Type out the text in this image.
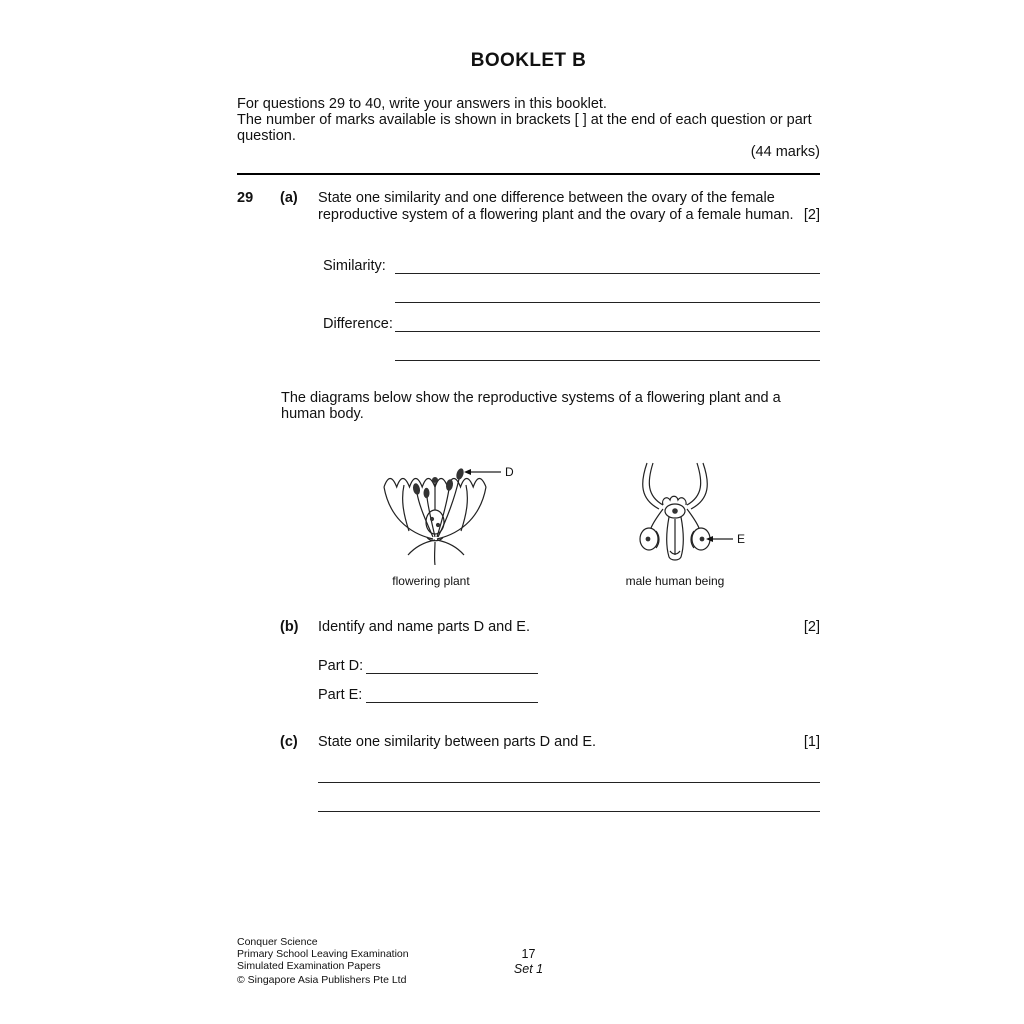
BOOKLET B

For questions 29 to 40, write your answers in this booklet.

The number of marks available is shown in brackets [ ] at the end of each question or part question.

(44 marks)

29	(a)	State one similarity and one difference between the ovary of the female reproductive system of a flowering plant and the ovary of a female human. [2]
Similarity:
Difference:

The diagrams below show the reproductive systems of a flowering plant and a human body.

D
flowering plant
E
male human being
(b)	Identify and name parts D and E.	[2]
Part D:
Part E:
(c)	State one similarity between parts D and E.	[1]

Conquer Science

Primary School Leaving Examination

Simulated Examination Papers

© Singapore Asia Publishers Pte Ltd

17
Set 1
